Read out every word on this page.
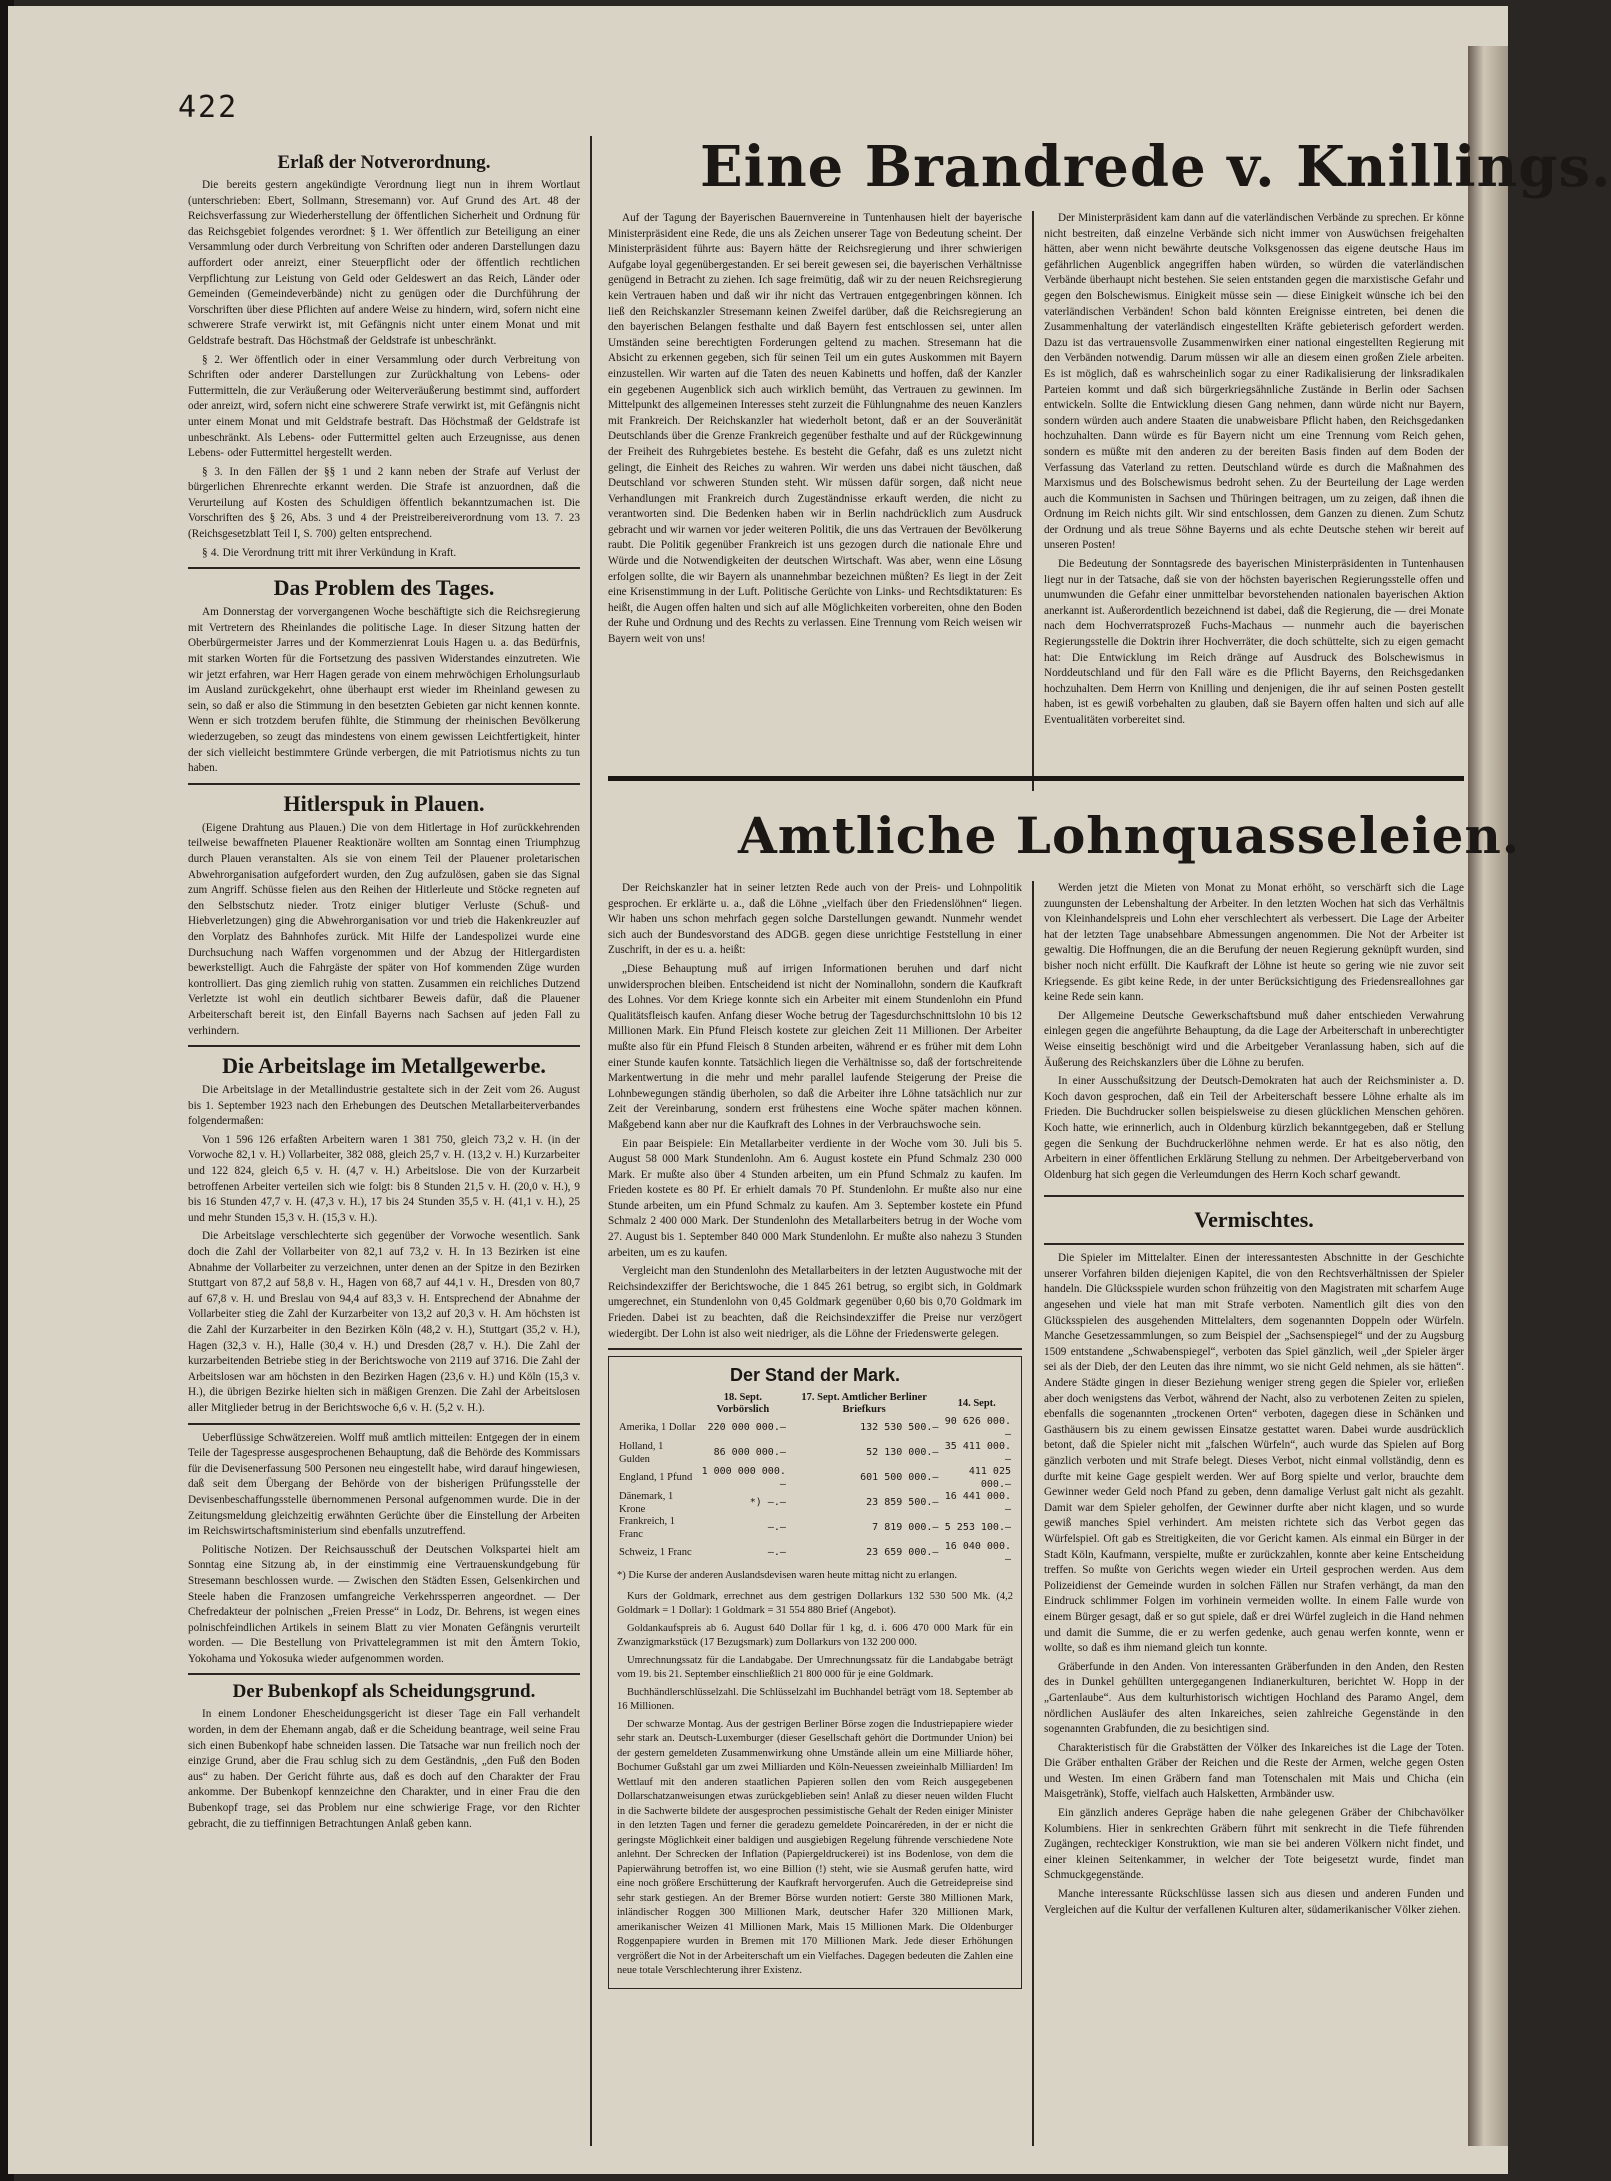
422
Eine Brandrede v. Knillings.
Amtliche Lohnquasseleien.
Erlaß der Notverordnung.

Die bereits gestern angekündigte Verordnung liegt nun in ihrem Wortlaut (unterschrieben: Ebert, Sollmann, Stresemann) vor. Auf Grund des Art. 48 der Reichsverfassung zur Wiederherstellung der öffentlichen Sicherheit und Ordnung für das Reichsgebiet folgendes verordnet: § 1. Wer öffentlich zur Beteiligung an einer Versammlung oder durch Verbreitung von Schriften oder anderen Darstellungen dazu auffordert oder anreizt, einer Steuerpflicht oder der öffentlich rechtlichen Verpflichtung zur Leistung von Geld oder Geldeswert an das Reich, Länder oder Gemeinden (Gemeindeverbände) nicht zu genügen oder die Durchführung der Vorschriften über diese Pflichten auf andere Weise zu hindern, wird, sofern nicht eine schwerere Strafe verwirkt ist, mit Gefängnis nicht unter einem Monat und mit Geldstrafe bestraft. Das Höchstmaß der Geldstrafe ist unbeschränkt.

§ 2. Wer öffentlich oder in einer Versammlung oder durch Verbreitung von Schriften oder anderer Darstellungen zur Zurückhaltung von Lebens- oder Futtermitteln, die zur Veräußerung oder Weiterveräußerung bestimmt sind, auffordert oder anreizt, wird, sofern nicht eine schwerere Strafe verwirkt ist, mit Gefängnis nicht unter einem Monat und mit Geldstrafe bestraft. Das Höchstmaß der Geldstrafe ist unbeschränkt. Als Lebens- oder Futtermittel gelten auch Erzeugnisse, aus denen Lebens- oder Futtermittel hergestellt werden.

§ 3. In den Fällen der §§ 1 und 2 kann neben der Strafe auf Verlust der bürgerlichen Ehrenrechte erkannt werden. Die Strafe ist anzuordnen, daß die Verurteilung auf Kosten des Schuldigen öffentlich bekanntzumachen ist. Die Vorschriften des § 26, Abs. 3 und 4 der Preistreibereiverordnung vom 13. 7. 23 (Reichsgesetzblatt Teil I, S. 700) gelten entsprechend.

§ 4. Die Verordnung tritt mit ihrer Verkündung in Kraft.

Das Problem des Tages.

Am Donnerstag der vorvergangenen Woche beschäftigte sich die Reichsregierung mit Vertretern des Rheinlandes die politische Lage. In dieser Sitzung hatten der Oberbürgermeister Jarres und der Kommerzienrat Louis Hagen u. a. das Bedürfnis, mit starken Worten für die Fortsetzung des passiven Widerstandes einzutreten. Wie wir jetzt erfahren, war Herr Hagen gerade von einem mehrwöchigen Erholungsurlaub im Ausland zurückgekehrt, ohne überhaupt erst wieder im Rheinland gewesen zu sein, so daß er also die Stimmung in den besetzten Gebieten gar nicht kennen konnte. Wenn er sich trotzdem berufen fühlte, die Stimmung der rheinischen Bevölkerung wiederzugeben, so zeugt das mindestens von einem gewissen Leichtfertigkeit, hinter der sich vielleicht bestimmtere Gründe verbergen, die mit Patriotismus nichts zu tun haben.

Hitlerspuk in Plauen.

(Eigene Drahtung aus Plauen.) Die von dem Hitlertage in Hof zurückkehrenden teilweise bewaffneten Plauener Reaktionäre wollten am Sonntag einen Triumphzug durch Plauen veranstalten. Als sie von einem Teil der Plauener proletarischen Abwehrorganisation aufgefordert wurden, den Zug aufzulösen, gaben sie das Signal zum Angriff. Schüsse fielen aus den Reihen der Hitlerleute und Stöcke regneten auf den Selbstschutz nieder. Trotz einiger blutiger Verluste (Schuß- und Hiebverletzungen) ging die Abwehrorganisation vor und trieb die Hakenkreuzler auf den Vorplatz des Bahnhofes zurück. Mit Hilfe der Landespolizei wurde eine Durchsuchung nach Waffen vorgenommen und der Abzug der Hitlergardisten bewerkstelligt. Auch die Fahrgäste der später von Hof kommenden Züge wurden kontrolliert. Das ging ziemlich ruhig von statten. Zusammen ein reichliches Dutzend Verletzte ist wohl ein deutlich sichtbarer Beweis dafür, daß die Plauener Arbeiterschaft bereit ist, den Einfall Bayerns nach Sachsen auf jeden Fall zu verhindern.

Die Arbeitslage im Metallgewerbe.

Die Arbeitslage in der Metallindustrie gestaltete sich in der Zeit vom 26. August bis 1. September 1923 nach den Erhebungen des Deutschen Metallarbeiterverbandes folgendermaßen:

Von 1 596 126 erfaßten Arbeitern waren 1 381 750, gleich 73,2 v. H. (in der Vorwoche 82,1 v. H.) Vollarbeiter, 382 088, gleich 25,7 v. H. (13,2 v. H.) Kurzarbeiter und 122 824, gleich 6,5 v. H. (4,7 v. H.) Arbeitslose. Die von der Kurzarbeit betroffenen Arbeiter verteilen sich wie folgt: bis 8 Stunden 21,5 v. H. (20,0 v. H.), 9 bis 16 Stunden 47,7 v. H. (47,3 v. H.), 17 bis 24 Stunden 35,5 v. H. (41,1 v. H.), 25 und mehr Stunden 15,3 v. H. (15,3 v. H.).

Die Arbeitslage verschlechterte sich gegenüber der Vorwoche wesentlich. Sank doch die Zahl der Vollarbeiter von 82,1 auf 73,2 v. H. In 13 Bezirken ist eine Abnahme der Vollarbeiter zu verzeichnen, unter denen an der Spitze in den Bezirken Stuttgart von 87,2 auf 58,8 v. H., Hagen von 68,7 auf 44,1 v. H., Dresden von 80,7 auf 67,8 v. H. und Breslau von 94,4 auf 83,3 v. H. Entsprechend der Abnahme der Vollarbeiter stieg die Zahl der Kurzarbeiter von 13,2 auf 20,3 v. H. Am höchsten ist die Zahl der Kurzarbeiter in den Bezirken Köln (48,2 v. H.), Stuttgart (35,2 v. H.), Hagen (32,3 v. H.), Halle (30,4 v. H.) und Dresden (28,7 v. H.). Die Zahl der kurzarbeitenden Betriebe stieg in der Berichtswoche von 2119 auf 3716. Die Zahl der Arbeitslosen war am höchsten in den Bezirken Hagen (23,6 v. H.) und Köln (15,3 v. H.), die übrigen Bezirke hielten sich in mäßigen Grenzen. Die Zahl der Arbeitslosen aller Mitglieder betrug in der Berichtswoche 6,6 v. H. (5,2 v. H.).

Ueberflüssige Schwätzereien. Wolff muß amtlich mitteilen: Entgegen der in einem Teile der Tagespresse ausgesprochenen Behauptung, daß die Behörde des Kommissars für die Devisenerfassung 500 Personen neu eingestellt habe, wird darauf hingewiesen, daß seit dem Übergang der Behörde von der bisherigen Prüfungsstelle der Devisenbeschaffungsstelle übernommenen Personal aufgenommen wurde. Die in der Zeitungsmeldung gleichzeitig erwähnten Gerüchte über die Einstellung der Arbeiten im Reichswirtschaftsministerium sind ebenfalls unzutreffend.

Politische Notizen. Der Reichsausschuß der Deutschen Volkspartei hielt am Sonntag eine Sitzung ab, in der einstimmig eine Vertrauenskundgebung für Stresemann beschlossen wurde. — Zwischen den Städten Essen, Gelsenkirchen und Steele haben die Franzosen umfangreiche Verkehrssperren angeordnet. — Der Chefredakteur der polnischen „Freien Presse“ in Lodz, Dr. Behrens, ist wegen eines polnischfeindlichen Artikels in seinem Blatt zu vier Monaten Gefängnis verurteilt worden. — Die Bestellung von Privattelegrammen ist mit den Ämtern Tokio, Yokohama und Yokosuka wieder aufgenommen worden.

Der Bubenkopf als Scheidungsgrund.

In einem Londoner Ehescheidungsgericht ist dieser Tage ein Fall verhandelt worden, in dem der Ehemann angab, daß er die Scheidung beantrage, weil seine Frau sich einen Bubenkopf habe schneiden lassen. Die Tatsache war nun freilich noch der einzige Grund, aber die Frau schlug sich zu dem Geständnis, „den Fuß den Boden aus“ zu haben. Der Gericht führte aus, daß es doch auf den Charakter der Frau ankomme. Der Bubenkopf kennzeichne den Charakter, und in einer Frau die den Bubenkopf trage, sei das Problem nur eine schwierige Frage, vor den Richter gebracht, die zu tieffinnigen Betrachtungen Anlaß geben kann.

Auf der Tagung der Bayerischen Bauernvereine in Tuntenhausen hielt der bayerische Ministerpräsident eine Rede, die uns als Zeichen unserer Tage von Bedeutung scheint. Der Ministerpräsident führte aus: Bayern hätte der Reichsregierung und ihrer schwierigen Aufgabe loyal gegenübergestanden. Er sei bereit gewesen sei, die bayerischen Verhältnisse genügend in Betracht zu ziehen. Ich sage freimütig, daß wir zu der neuen Reichsregierung kein Vertrauen haben und daß wir ihr nicht das Vertrauen entgegenbringen können. Ich ließ den Reichskanzler Stresemann keinen Zweifel darüber, daß die Reichsregierung an den bayerischen Belangen festhalte und daß Bayern fest entschlossen sei, unter allen Umständen seine berechtigten Forderungen geltend zu machen. Stresemann hat die Absicht zu erkennen gegeben, sich für seinen Teil um ein gutes Auskommen mit Bayern einzustellen. Wir warten auf die Taten des neuen Kabinetts und hoffen, daß der Kanzler ein gegebenen Augenblick sich auch wirklich bemüht, das Vertrauen zu gewinnen. Im Mittelpunkt des allgemeinen Interesses steht zurzeit die Fühlungnahme des neuen Kanzlers mit Frankreich. Der Reichskanzler hat wiederholt betont, daß er an der Souveränität Deutschlands über die Grenze Frankreich gegenüber festhalte und auf der Rückgewinnung der Freiheit des Ruhrgebietes bestehe. Es besteht die Gefahr, daß es uns zuletzt nicht gelingt, die Einheit des Reiches zu wahren. Wir werden uns dabei nicht täuschen, daß Deutschland vor schweren Stunden steht. Wir müssen dafür sorgen, daß nicht neue Verhandlungen mit Frankreich durch Zugeständnisse erkauft werden, die nicht zu verantworten sind. Die Bedenken haben wir in Berlin nachdrücklich zum Ausdruck gebracht und wir warnen vor jeder weiteren Politik, die uns das Vertrauen der Bevölkerung raubt. Die Politik gegenüber Frankreich ist uns gezogen durch die nationale Ehre und Würde und die Notwendigkeiten der deutschen Wirtschaft. Was aber, wenn eine Lösung erfolgen sollte, die wir Bayern als unannehmbar bezeichnen müßten? Es liegt in der Zeit eine Krisenstimmung in der Luft. Politische Gerüchte von Links- und Rechtsdiktaturen: Es heißt, die Augen offen halten und sich auf alle Möglichkeiten vorbereiten, ohne den Boden der Ruhe und Ordnung und des Rechts zu verlassen. Eine Trennung vom Reich weisen wir Bayern weit von uns!

Der Ministerpräsident kam dann auf die vaterländischen Verbände zu sprechen. Er könne nicht bestreiten, daß einzelne Verbände sich nicht immer von Auswüchsen freigehalten hätten, aber wenn nicht bewährte deutsche Volksgenossen das eigene deutsche Haus im gefährlichen Augenblick angegriffen haben würden, so würden die vaterländischen Verbände überhaupt nicht bestehen. Sie seien entstanden gegen die marxistische Gefahr und gegen den Bolschewismus. Einigkeit müsse sein — diese Einigkeit wünsche ich bei den vaterländischen Verbänden! Schon bald könnten Ereignisse eintreten, bei denen die Zusammenhaltung der vaterländisch eingestellten Kräfte gebieterisch gefordert werden. Dazu ist das vertrauensvolle Zusammenwirken einer national eingestellten Regierung mit den Verbänden notwendig. Darum müssen wir alle an diesem einen großen Ziele arbeiten. Es ist möglich, daß es wahrscheinlich sogar zu einer Radikalisierung der linksradikalen Parteien kommt und daß sich bürgerkriegsähnliche Zustände in Berlin oder Sachsen entwickeln. Sollte die Entwicklung diesen Gang nehmen, dann würde nicht nur Bayern, sondern würden auch andere Staaten die unabweisbare Pflicht haben, den Reichsgedanken hochzuhalten. Dann würde es für Bayern nicht um eine Trennung vom Reich gehen, sondern es müßte mit den anderen zu der bereiten Basis finden auf dem Boden der Verfassung das Vaterland zu retten. Deutschland würde es durch die Maßnahmen des Marxismus und des Bolschewismus bedroht sehen. Zu der Beurteilung der Lage werden auch die Kommunisten in Sachsen und Thüringen beitragen, um zu zeigen, daß ihnen die Ordnung im Reich nichts gilt. Wir sind entschlossen, dem Ganzen zu dienen. Zum Schutz der Ordnung und als treue Söhne Bayerns und als echte Deutsche stehen wir bereit auf unseren Posten!

Die Bedeutung der Sonntagsrede des bayerischen Ministerpräsidenten in Tuntenhausen liegt nur in der Tatsache, daß sie von der höchsten bayerischen Regierungsstelle offen und unumwunden die Gefahr einer unmittelbar bevorstehenden nationalen bayerischen Aktion anerkannt ist. Außerordentlich bezeichnend ist dabei, daß die Regierung, die — drei Monate nach dem Hochverratsprozeß Fuchs-Machaus — nunmehr auch die bayerischen Regierungsstelle die Doktrin ihrer Hochverräter, die doch schüttelte, sich zu eigen gemacht hat: Die Entwicklung im Reich dränge auf Ausdruck des Bolschewismus in Norddeutschland und für den Fall wäre es die Pflicht Bayerns, den Reichsgedanken hochzuhalten. Dem Herrn von Knilling und denjenigen, die ihr auf seinen Posten gestellt haben, ist es gewiß vorbehalten zu glauben, daß sie Bayern offen halten und sich auf alle Eventualitäten vorbereitet sind.

Der Reichskanzler hat in seiner letzten Rede auch von der Preis- und Lohnpolitik gesprochen. Er erklärte u. a., daß die Löhne „vielfach über den Friedenslöhnen“ liegen. Wir haben uns schon mehrfach gegen solche Darstellungen gewandt. Nunmehr wendet sich auch der Bundesvorstand des ADGB. gegen diese unrichtige Feststellung in einer Zuschrift, in der es u. a. heißt:

„Diese Behauptung muß auf irrigen Informationen beruhen und darf nicht unwidersprochen bleiben. Entscheidend ist nicht der Nominallohn, sondern die Kaufkraft des Lohnes. Vor dem Kriege konnte sich ein Arbeiter mit einem Stundenlohn ein Pfund Qualitätsfleisch kaufen. Anfang dieser Woche betrug der Tagesdurchschnittslohn 10 bis 12 Millionen Mark. Ein Pfund Fleisch kostete zur gleichen Zeit 11 Millionen. Der Arbeiter mußte also für ein Pfund Fleisch 8 Stunden arbeiten, während er es früher mit dem Lohn einer Stunde kaufen konnte. Tatsächlich liegen die Verhältnisse so, daß der fortschreitende Markentwertung in die mehr und mehr parallel laufende Steigerung der Preise die Lohnbewegungen ständig überholen, so daß die Arbeiter ihre Löhne tatsächlich nur zur Zeit der Vereinbarung, sondern erst frühestens eine Woche später machen können. Maßgebend kann aber nur die Kaufkraft des Lohnes in der Verbrauchswoche sein.

Ein paar Beispiele: Ein Metallarbeiter verdiente in der Woche vom 30. Juli bis 5. August 58 000 Mark Stundenlohn. Am 6. August kostete ein Pfund Schmalz 230 000 Mark. Er mußte also über 4 Stunden arbeiten, um ein Pfund Schmalz zu kaufen. Im Frieden kostete es 80 Pf. Er erhielt damals 70 Pf. Stundenlohn. Er mußte also nur eine Stunde arbeiten, um ein Pfund Schmalz zu kaufen. Am 3. September kostete ein Pfund Schmalz 2 400 000 Mark. Der Stundenlohn des Metallarbeiters betrug in der Woche vom 27. August bis 1. September 840 000 Mark Stundenlohn. Er mußte also nahezu 3 Stunden arbeiten, um es zu kaufen.

Vergleicht man den Stundenlohn des Metallarbeiters in der letzten Augustwoche mit der Reichsindexziffer der Berichtswoche, die 1 845 261 betrug, so ergibt sich, in Goldmark umgerechnet, ein Stundenlohn von 0,45 Goldmark gegenüber 0,60 bis 0,70 Goldmark im Frieden. Dabei ist zu beachten, daß die Reichsindexziffer die Preise nur verzögert wiedergibt. Der Lohn ist also weit niedriger, als die Löhne der Friedenswerte gelegen.

Der Stand der Mark.
	18. Sept. Vorbörslich	17. Sept. Amtlicher Berliner Briefkurs	14. Sept.
Amerika, 1 Dollar	220 000 000.—	132 530 500.—	90 626 000.—
Holland, 1 Gulden	86 000 000.—	52 130 000.—	35 411 000.—
England, 1 Pfund	1 000 000 000.—	601 500 000.—	411 025 000.—
Dänemark, 1 Krone	*) —.—	23 859 500.—	16 441 000.—
Frankreich, 1 Franc	—.—	7 819 000.—	5 253 100.—
Schweiz, 1 Franc	—.—	23 659 000.—	16 040 000.—
*) Die Kurse der anderen Auslandsdevisen waren heute mittag nicht zu erlangen.

Kurs der Goldmark, errechnet aus dem gestrigen Dollarkurs 132 530 500 Mk. (4,2 Goldmark = 1 Dollar): 1 Goldmark = 31 554 880 Brief (Angebot).

Goldankaufspreis ab 6. August 640 Dollar für 1 kg, d. i. 606 470 000 Mark für ein Zwanzigmarkstück (17 Bezugsmark) zum Dollarkurs von 132 200 000.

Umrechnungssatz für die Landabgabe. Der Umrechnungssatz für die Landabgabe beträgt vom 19. bis 21. September einschließlich 21 800 000 für je eine Goldmark.

Buchhändlerschlüsselzahl. Die Schlüsselzahl im Buchhandel beträgt vom 18. September ab 16 Millionen.

Der schwarze Montag. Aus der gestrigen Berliner Börse zogen die Industriepapiere wieder sehr stark an. Deutsch-Luxemburger (dieser Gesellschaft gehört die Dortmunder Union) bei der gestern gemeldeten Zusammenwirkung ohne Umstände allein um eine Milliarde höher, Bochumer Gußstahl gar um zwei Milliarden und Köln-Neuessen zweieinhalb Milliarden! Im Wettlauf mit den anderen staatlichen Papieren sollen den vom Reich ausgegebenen Dollarschatzanweisungen etwas zurückgeblieben sein! Anlaß zu dieser neuen wilden Flucht in die Sachwerte bildete der ausgesprochen pessimistische Gehalt der Reden einiger Minister in den letzten Tagen und ferner die geradezu gemeldete Poincaréreden, in der er nicht die geringste Möglichkeit einer baldigen und ausgiebigen Regelung führende verschiedene Note anlehnt. Der Schrecken der Inflation (Papiergeldruckerei) ist ins Bodenlose, von dem die Papierwährung betroffen ist, wo eine Billion (!) steht, wie sie Ausmaß gerufen hatte, wird eine noch größere Erschütterung der Kaufkraft hervorgerufen. Auch die Getreidepreise sind sehr stark gestiegen. An der Bremer Börse wurden notiert: Gerste 380 Millionen Mark, inländischer Roggen 300 Millionen Mark, deutscher Hafer 320 Millionen Mark, amerikanischer Weizen 41 Millionen Mark, Mais 15 Millionen Mark. Die Oldenburger Roggenpapiere wurden in Bremen mit 170 Millionen Mark. Jede dieser Erhöhungen vergrößert die Not in der Arbeiterschaft um ein Vielfaches. Dagegen bedeuten die Zahlen eine neue totale Verschlechterung ihrer Existenz.

Werden jetzt die Mieten von Monat zu Monat erhöht, so verschärft sich die Lage zuungunsten der Lebenshaltung der Arbeiter. In den letzten Wochen hat sich das Verhältnis von Kleinhandelspreis und Lohn eher verschlechtert als verbessert. Die Lage der Arbeiter hat der letzten Tage unabsehbare Abmessungen angenommen. Die Not der Arbeiter ist gewaltig. Die Hoffnungen, die an die Berufung der neuen Regierung geknüpft wurden, sind bisher noch nicht erfüllt. Die Kaufkraft der Löhne ist heute so gering wie nie zuvor seit Kriegsende. Es gibt keine Rede, in der unter Berücksichtigung des Friedensreallohnes gar keine Rede sein kann.

Der Allgemeine Deutsche Gewerkschaftsbund muß daher entschieden Verwahrung einlegen gegen die angeführte Behauptung, da die Lage der Arbeiterschaft in unberechtigter Weise einseitig beschönigt wird und die Arbeitgeber Veranlassung haben, sich auf die Äußerung des Reichskanzlers über die Löhne zu berufen.

In einer Ausschußsitzung der Deutsch-Demokraten hat auch der Reichsminister a. D. Koch davon gesprochen, daß ein Teil der Arbeiterschaft bessere Löhne erhalte als im Frieden. Die Buchdrucker sollen beispielsweise zu diesen glücklichen Menschen gehören. Koch hatte, wie erinnerlich, auch in Oldenburg kürzlich bekanntgegeben, daß er Stellung gegen die Senkung der Buchdruckerlöhne nehmen werde. Er hat es also nötig, den Arbeitern in einer öffentlichen Erklärung Stellung zu nehmen. Der Arbeitgeberverband von Oldenburg hat sich gegen die Verleumdungen des Herrn Koch scharf gewandt.

Vermischtes.

Die Spieler im Mittelalter. Einen der interessantesten Abschnitte in der Geschichte unserer Vorfahren bilden diejenigen Kapitel, die von den Rechtsverhältnissen der Spieler handeln. Die Glücksspiele wurden schon frühzeitig von den Magistraten mit scharfem Auge angesehen und viele hat man mit Strafe verboten. Namentlich gilt dies von den Glücksspielen des ausgehenden Mittelalters, dem sogenannten Doppeln oder Würfeln. Manche Gesetzessammlungen, so zum Beispiel der „Sachsenspiegel“ und der zu Augsburg 1509 entstandene „Schwabenspiegel“, verboten das Spiel gänzlich, weil „der Spieler ärger sei als der Dieb, der den Leuten das ihre nimmt, wo sie nicht Geld nehmen, als sie hätten“. Andere Städte gingen in dieser Beziehung weniger streng gegen die Spieler vor, erließen aber doch wenigstens das Verbot, während der Nacht, also zu verbotenen Zeiten zu spielen, ebenfalls die sogenannten „trockenen Orten“ verboten, dagegen diese in Schänken und Gasthäusern bis zu einem gewissen Einsatze gestattet waren. Dabei wurde ausdrücklich betont, daß die Spieler nicht mit „falschen Würfeln“, auch wurde das Spielen auf Borg gänzlich verboten und mit Strafe belegt. Dieses Verbot, nicht einmal vollständig, denn es durfte mit keine Gage gespielt werden. Wer auf Borg spielte und verlor, brauchte dem Gewinner weder Geld noch Pfand zu geben, denn damalige Verlust galt nicht als gezahlt. Damit war dem Spieler geholfen, der Gewinner durfte aber nicht klagen, und so wurde gewiß manches Spiel verhindert. Am meisten richtete sich das Verbot gegen das Würfelspiel. Oft gab es Streitigkeiten, die vor Gericht kamen. Als einmal ein Bürger in der Stadt Köln, Kaufmann, verspielte, mußte er zurückzahlen, konnte aber keine Entscheidung treffen. So mußte von Gerichts wegen wieder ein Urteil gesprochen werden. Aus dem Polizeidienst der Gemeinde wurden in solchen Fällen nur Strafen verhängt, da man den Eindruck schlimmer Folgen im vorhinein vermeiden wollte. In einem Falle wurde von einem Bürger gesagt, daß er so gut spiele, daß er drei Würfel zugleich in die Hand nehmen und damit die Summe, die er zu werfen gedenke, auch genau werfen konnte, wenn er wollte, so daß es ihm niemand gleich tun konnte.

Gräberfunde in den Anden. Von interessanten Gräberfunden in den Anden, den Resten des in Dunkel gehüllten untergegangenen Indianerkulturen, berichtet W. Hopp in der „Gartenlaube“. Aus dem kulturhistorisch wichtigen Hochland des Paramo Angel, dem nördlichen Ausläufer des alten Inkareiches, seien zahlreiche Gegenstände in den sogenannten Grabfunden, die zu besichtigen sind.

Charakteristisch für die Grabstätten der Völker des Inkareiches ist die Lage der Toten. Die Gräber enthalten Gräber der Reichen und die Reste der Armen, welche gegen Osten und Westen. Im einen Gräbern fand man Totenschalen mit Mais und Chicha (ein Maisgetränk), Stoffe, vielfach auch Halsketten, Armbänder usw.

Ein gänzlich anderes Gepräge haben die nahe gelegenen Gräber der Chibchavölker Kolumbiens. Hier in senkrechten Gräbern führt mit senkrecht in die Tiefe führenden Zugängen, rechteckiger Konstruktion, wie man sie bei anderen Völkern nicht findet, und einer kleinen Seitenkammer, in welcher der Tote beigesetzt wurde, findet man Schmuckgegenstände.

Manche interessante Rückschlüsse lassen sich aus diesen und anderen Funden und Vergleichen auf die Kultur der verfallenen Kulturen alter, südamerikanischer Völker ziehen.
